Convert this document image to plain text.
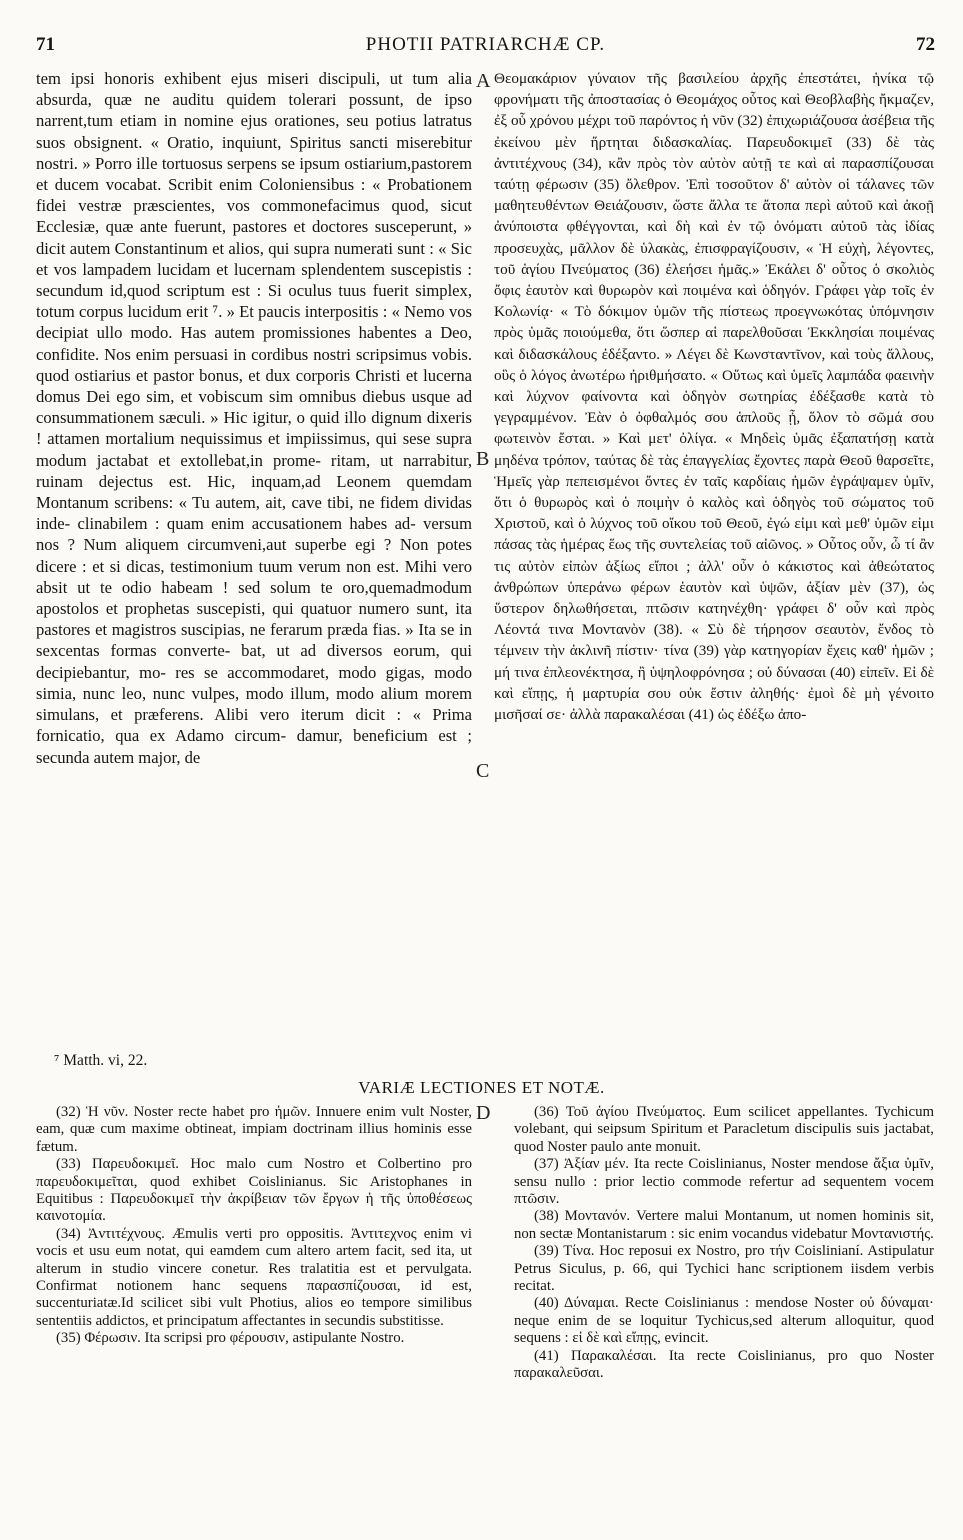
71	PHOTII PATRIARCHÆ CP.	72

tem ipsi honoris exhibent ejus miseri discipuli, ut tum alia absurda, quæ ne auditu quidem tolerari possunt, de ipso narrent,tum etiam in nomine ejus orationes, seu potius latratus suos obsignent. « Oratio, inquiunt, Spiritus sancti miserebitur nostri. » Porro ille tortuosus serpens se ipsum ostiarium,pastorem et ducem vocabat. Scribit enim Coloniensibus : « Probationem fidei vestræ præscientes, vos commonefacimus quod, sicut Ecclesiæ, quæ ante fuerunt, pastores et doctores susceperunt, » dicit autem Constantinum et alios, qui supra numerati sunt : « Sic et vos lampadem lucidam et lucernam splendentem suscepistis : secundum id,quod scriptum est : Si oculus tuus fuerit simplex, totum corpus lucidum erit ⁷. » Et paucis interpositis : « Nemo vos decipiat ullo modo. Has autem promissiones habentes a Deo, confidite. Nos enim persuasi in cordibus nostri scripsimus vobis. quod ostiarius et pastor bonus, et dux corporis Christi et lucerna domus Dei ego sim, et vobiscum sim omnibus diebus usque ad consummationem sæculi. » Hic igitur, o quid illo dignum dixeris ! attamen mortalium nequissimus et impiissimus, qui sese supra modum jactabat et extollebat,in prome- ritam, ut narrabitur, ruinam dejectus est. Hic, inquam,ad Leonem quemdam Montanum scribens: « Tu autem, ait, cave tibi, ne fidem dividas inde- clinabilem : quam enim accusationem habes ad- versum nos ? Num aliquem circumveni,aut superbe egi ? Non potes dicere : et si dicas, testimonium tuum verum non est. Mihi vero absit ut te odio habeam ! sed solum te oro,quemadmodum apostolos et prophetas suscepisti, qui quatuor numero sunt, ita pastores et magistros suscipias, ne ferarum præda fias. » Ita se in sexcentas formas converte- bat, ut ad diversos eorum, qui decipiebantur, mo- res se accommodaret, modo gigas, modo simia, nunc leo, nunc vulpes, modo illum, modo alium morem simulans, et præferens. Alibi vero iterum dicit : « Prima fornicatio, qua ex Adamo circum- damur, beneficium est ; secunda autem major, de

Θεομακάριον γύναιον τῆς βασιλείου ἀρχῆς ἐπεστάτει, ἡνίκα τῷ φρονήματι τῆς ἀποστασίας ὁ Θεομάχος οὗτος καὶ Θεοβλαβὴς ἤκμαζεν, ἐξ οὗ χρόνου μέχρι τοῦ παρόντος ἡ νῦν (32) ἐπιχωριάζουσα ἀσέβεια τῆς ἐκείνου μὲν ἤρτηται διδασκαλίας. Παρευδοκιμεῖ (33) δὲ τὰς ἀντιτέχνους (34), κἂν πρὸς τὸν αὐτὸν αὐτῇ τε καὶ αἱ παρασπίζουσαι ταύτῃ φέρωσιν (35) ὄλεθρον. Ἐπὶ τοσοῦτον δ' αὐτὸν οἱ τάλανες τῶν μαθητευθέντων Θειάζουσιν, ὥστε ἄλλα τε ἄτοπα περὶ αὐτοῦ καὶ ἀκοῇ ἀνύποιστα φθέγγονται, καὶ δὴ καὶ ἐν τῷ ὀνόματι αὐτοῦ τὰς ἰδίας προσευχὰς, μᾶλλον δὲ ὑλακὰς, ἐπισφραγίζουσιν, « Ἡ εὐχὴ, λέγοντες, τοῦ ἁγίου Πνεύματος (36) ἐλεήσει ἡμᾶς.» Ἐκάλει δ' οὗτος ὁ σκολιὸς ὄφις ἑαυτὸν καὶ θυρωρὸν καὶ ποιμένα καὶ ὁδηγόν. Γράφει γὰρ τοῖς ἐν Κολωνίᾳ· « Τὸ δόκιμον ὑμῶν τῆς πίστεως προεγνωκότας ὑπόμνησιν πρὸς ὑμᾶς ποιούμεθα, ὅτι ὥσπερ αἱ παρελθοῦσαι Ἐκκλησίαι ποιμένας καὶ διδασκάλους ἐδέξαντο. » Λέγει δὲ Κωνσταντῖνον, καὶ τοὺς ἄλλους, οὓς ὁ λόγος ἀνωτέρω ἠριθμήσατο. « Οὕτως καὶ ὑμεῖς λαμπάδα φαεινὴν καὶ λύχνον φαίνοντα καὶ ὁδηγὸν σωτηρίας ἐδέξασθε κατὰ τὸ γεγραμμένον. Ἐὰν ὁ ὀφθαλμός σου ἁπλοῦς ᾖ, ὅλον τὸ σῶμά σου φωτεινὸν ἔσται. » Καὶ μετ' ὀλίγα. « Μηδεὶς ὑμᾶς ἐξαπατήσῃ κατὰ μηδένα τρόπον, ταύτας δὲ τὰς ἐπαγγελίας ἔχοντες παρὰ Θεοῦ θαρσεῖτε, Ἡμεῖς γὰρ πεπεισμένοι ὄντες ἐν ταῖς καρδίαις ἡμῶν ἐγράψαμεν ὑμῖν, ὅτι ὁ θυρωρὸς καὶ ὁ ποιμὴν ὁ καλὸς καὶ ὁδηγὸς τοῦ σώματος τοῦ Χριστοῦ, καὶ ὁ λύχνος τοῦ οἴκου τοῦ Θεοῦ, ἐγώ εἰμι καὶ μεθ' ὑμῶν εἰμι πάσας τὰς ἡμέρας ἕως τῆς συντελείας τοῦ αἰῶνος. » Οὗτος οὖν, ὦ τί ἂν τις αὐτὸν εἰπὼν ἀξίως εἴποι ; ἀλλ' οὖν ὁ κάκιστος καὶ ἀθεώτατος ἀνθρώπων ὑπεράνω φέρων ἑαυτὸν καὶ ὑψῶν, ἀξίαν μὲν (37), ὡς ὕστερον δηλωθήσεται, πτῶσιν κατηνέχθη· γράφει δ' οὖν καὶ πρὸς Λέοντά τινα Μοντανὸν (38). « Σὺ δὲ τήρησον σεαυτὸν, ἔνδος τὸ τέμνειν τὴν ἀκλινῆ πίστιν· τίνα (39) γὰρ κατηγορίαν ἔχεις καθ' ἡμῶν ; μή τινα ἐπλεονέκτησα, ἢ ὑψηλοφρόνησα ; οὐ δύνασαι (40) εἰπεῖν. Εἰ δὲ καὶ εἴπῃς, ἡ μαρτυρία σου οὐκ ἔστιν ἀληθής· ἐμοὶ δὲ μὴ γένοιτο μισῆσαί σε· ἀλλὰ παρακαλέσαι (41) ὡς ἐδέξω ἀπο-

A
B
C
D
⁷ Matth. vi, 22.
VARIÆ LECTIONES ET NOTÆ.

(32) Ἡ νῦν. Noster recte habet pro ἡμῶν. Innuere enim vult Noster, eam, quæ cum maxime obtineat, impiam doctrinam illius hominis esse fætum.

(33) Παρευδοκιμεῖ. Hoc malo cum Nostro et Colbertino pro παρευδοκιμεῖται, quod exhibet Coislinianus. Sic Aristophanes in Equitibus : Παρευδοκιμεῖ τὴν ἀκρίβειαν τῶν ἔργων ἡ τῆς ὑποθέσεως καινοτομία.

(34) Ἀντιτέχνους. Æmulis verti pro oppositis. Ἀντιτεχνος enim vi vocis et usu eum notat, qui eamdem cum altero artem facit, sed ita, ut alterum in studio vincere conetur. Res tralatitia est et pervulgata. Confirmat notionem hanc sequens παρασπίζουσαι, id est, succenturiatæ.Id scilicet sibi vult Photius, alios eo tempore similibus sententiis addictos, et principatum affectantes in secundis substitisse.

(35) Φέρωσιν. Ita scripsi pro φέρουσιν, astipulante Nostro.

(36) Τοῦ ἁγίου Πνεύματος. Eum scilicet appellantes. Tychicum volebant, qui seipsum Spiritum et Paracletum discipulis suis jactabat, quod Noster paulo ante monuit.

(37) Ἀξίαν μέν. Ita recte Coislinianus, Noster mendose ἄξια ὑμῖν, sensu nullo : prior lectio commode refertur ad sequentem vocem πτῶσιν.

(38) Μοντανόν. Vertere malui Montanum, ut nomen hominis sit, non sectæ Montanistarum : sic enim vocandus videbatur Μοντανιστής.

(39) Τίνα. Hoc reposui ex Nostro, pro τήν Coislinianí. Astipulatur Petrus Siculus, p. 66, qui Tychici hanc scriptionem iisdem verbis recitat.

(40) Δύναμαι. Recte Coislinianus : mendose Noster οὐ δύναμαι· neque enim de se loquitur Tychicus,sed alterum alloquitur, quod sequens : εἰ δὲ καὶ εἴπῃς, evincit.

(41) Παρακαλέσαι. Ita recte Coislinianus, pro quo Noster παρακαλεῦσαι.
